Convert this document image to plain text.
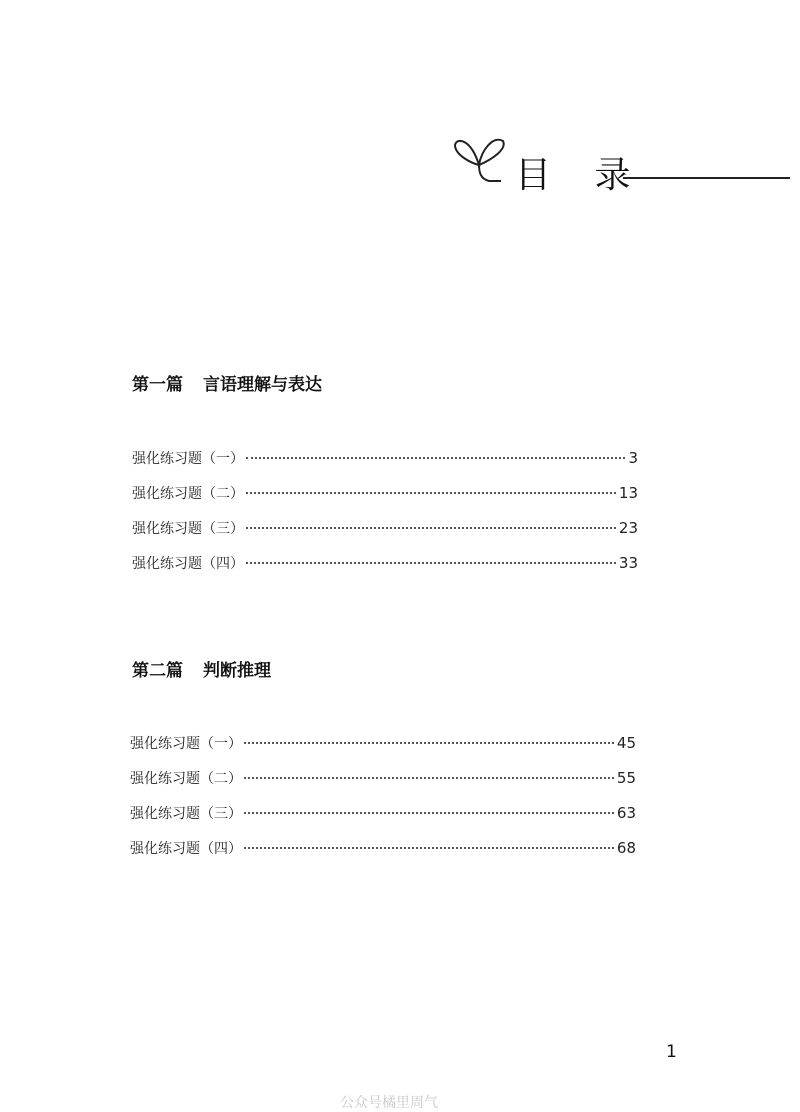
目 录
第一篇 言语理解与表达
强化练习题（一）	3
强化练习题（二）	13
强化练习题（三）	23
强化练习题（四）	33
第二篇 判断推理
强化练习题（一）	45
强化练习题（二）	55
强化练习题（三）	63
强化练习题（四）	68
1
公众号橘里周气
